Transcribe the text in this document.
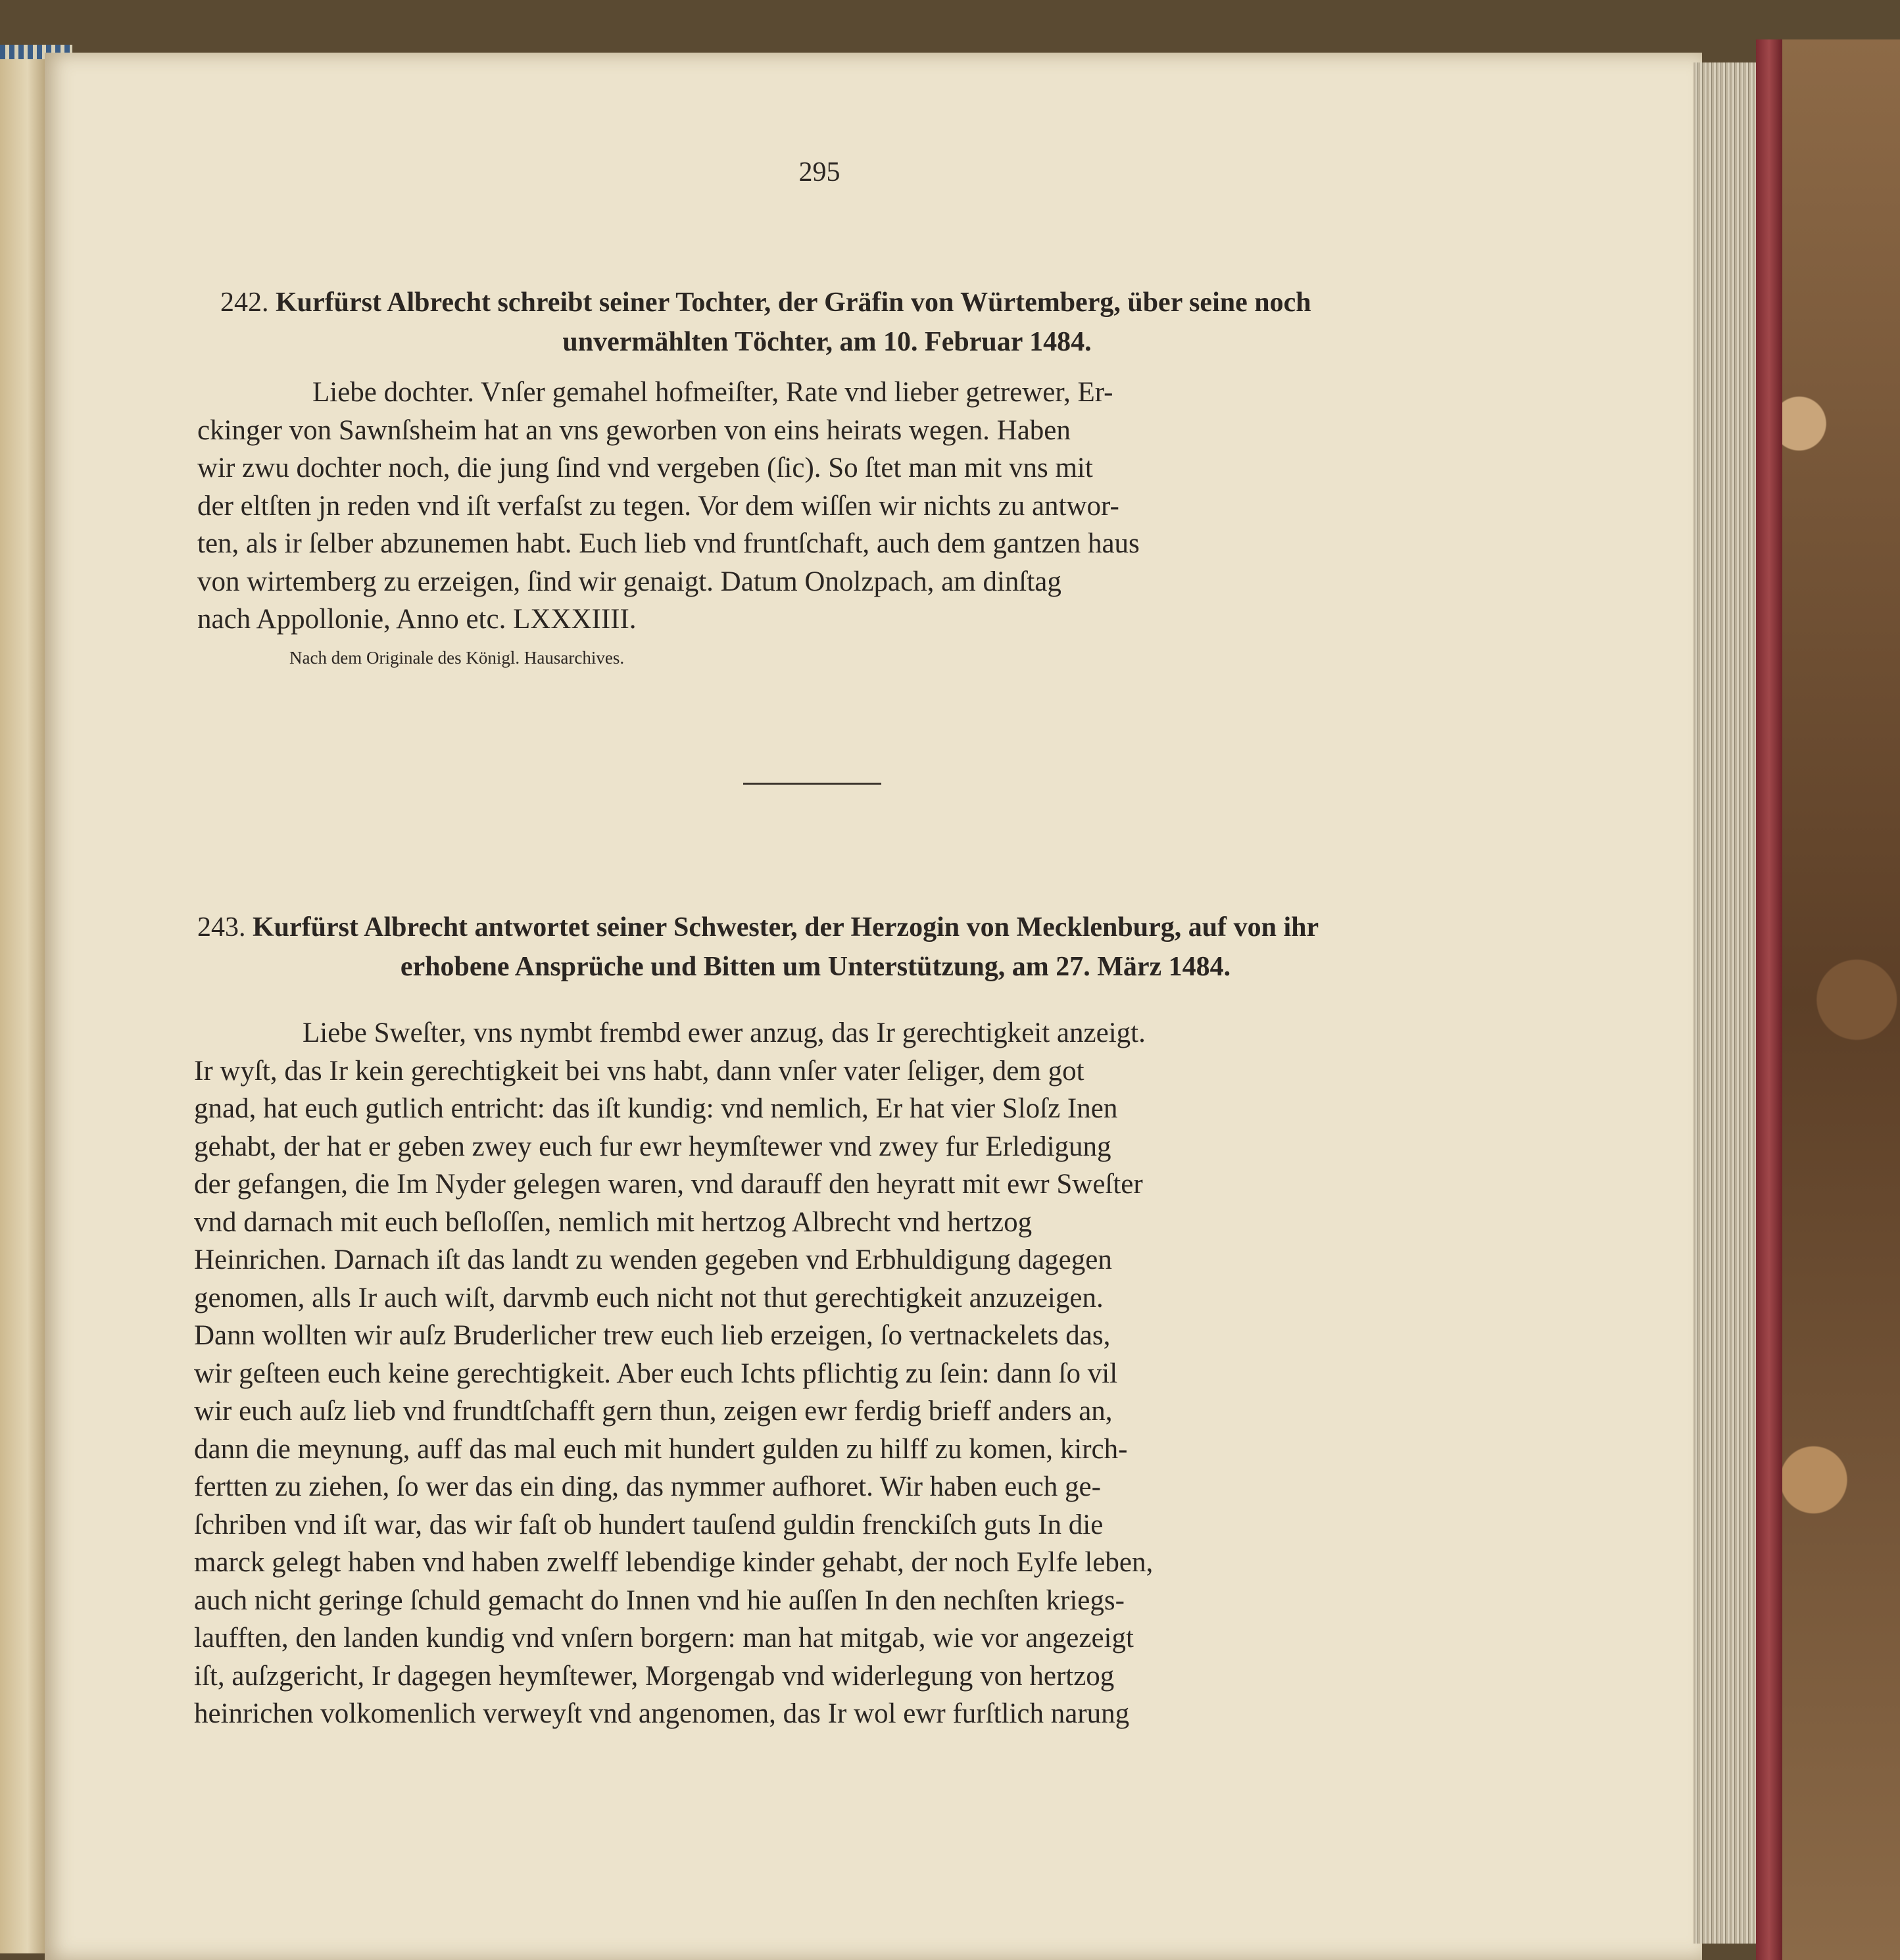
295
242. Kurfürst Albrecht schreibt seiner Tochter, der Gräfin von Würtemberg, über seine noch
unvermählten Töchter, am 10. Februar 1484.
Liebe dochter. Vnſer gemahel hofmeiſter, Rate vnd lieber getrewer, Er-
ckinger von Sawnſsheim hat an vns geworben von eins heirats wegen. Haben
wir zwu dochter noch, die jung ſind vnd vergeben (ſic). So ſtet man mit vns mit
der eltſten jn reden vnd iſt verfaſst zu tegen. Vor dem wiſſen wir nichts zu antwor-
ten, als ir ſelber abzunemen habt. Euch lieb vnd fruntſchaft, auch dem gantzen haus
von wirtemberg zu erzeigen, ſind wir genaigt. Datum Onolzpach, am dinſtag
nach Appollonie, Anno etc. LXXXIIII.
Nach dem Originale des Königl. Hausarchives.
243. Kurfürst Albrecht antwortet seiner Schwester, der Herzogin von Mecklenburg, auf von ihr
erhobene Ansprüche und Bitten um Unterstützung, am 27. März 1484.
Liebe Sweſter, vns nymbt frembd ewer anzug, das Ir gerechtigkeit anzeigt.
Ir wyſt, das Ir kein gerechtigkeit bei vns habt, dann vnſer vater ſeliger, dem got
gnad, hat euch gutlich entricht: das iſt kundig: vnd nemlich, Er hat vier Sloſz Inen
gehabt, der hat er geben zwey euch fur ewr heymſtewer vnd zwey fur Erledigung
der gefangen, die Im Nyder gelegen waren, vnd darauff den heyratt mit ewr Sweſter
vnd darnach mit euch beſloſſen, nemlich mit hertzog Albrecht vnd hertzog
Heinrichen. Darnach iſt das landt zu wenden gegeben vnd Erbhuldigung dagegen
genomen, alls Ir auch wiſt, darvmb euch nicht not thut gerechtigkeit anzuzeigen.
Dann wollten wir auſz Bruderlicher trew euch lieb erzeigen, ſo vertnackelets das,
wir geſteen euch keine gerechtigkeit. Aber euch Ichts pflichtig zu ſein: dann ſo vil
wir euch auſz lieb vnd frundtſchafft gern thun, zeigen ewr ferdig brieff anders an,
dann die meynung, auff das mal euch mit hundert gulden zu hilff zu komen, kirch-
fertten zu ziehen, ſo wer das ein ding, das nymmer aufhoret. Wir haben euch ge-
ſchriben vnd iſt war, das wir faſt ob hundert tauſend guldin frenckiſch guts In die
marck gelegt haben vnd haben zwelff lebendige kinder gehabt, der noch Eylfe leben,
auch nicht geringe ſchuld gemacht do Innen vnd hie auſſen In den nechſten kriegs-
laufften, den landen kundig vnd vnſern borgern: man hat mitgab, wie vor angezeigt
iſt, auſzgericht, Ir dagegen heymſtewer, Morgengab vnd widerlegung von hertzog
heinrichen volkomenlich verweyſt vnd angenomen, das Ir wol ewr furſtlich narung
